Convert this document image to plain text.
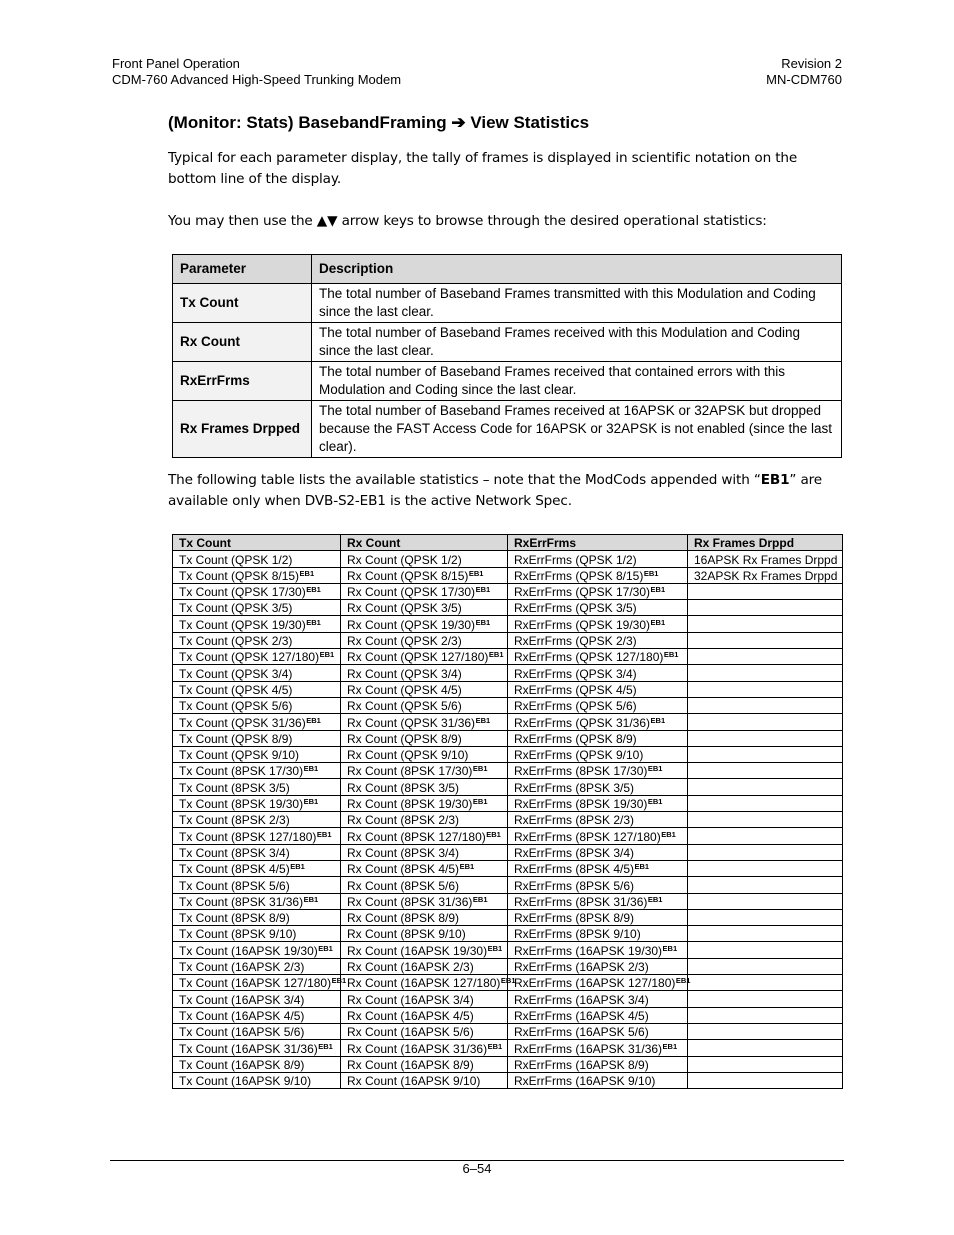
Front Panel Operation
CDM-760 Advanced High-Speed Trunking Modem
Revision 2
MN-CDM760
(Monitor: Stats) BasebandFraming ➔ View Statistics
Typical for each parameter display, the tally of frames is displayed in scientific notation on the bottom line of the display.
You may then use the ▲▼ arrow keys to browse through the desired operational statistics:
Parameter	Description
Tx Count	The total number of Baseband Frames transmitted with this Modulation and Coding since the last clear.
Rx Count	The total number of Baseband Frames received with this Modulation and Coding since the last clear.
RxErrFrms	The total number of Baseband Frames received that contained errors with this Modulation and Coding since the last clear.
Rx Frames Drpped	The total number of Baseband Frames received at 16APSK or 32APSK but dropped because the FAST Access Code for 16APSK or 32APSK is not enabled (since the last clear).
The following table lists the available statistics – note that the ModCods appended with “EB1” are available only when DVB-S2-EB1 is the active Network Spec.
Tx Count	Rx Count	RxErrFrms	Rx Frames Drppd
Tx Count (QPSK 1/2)	Rx Count (QPSK 1/2)	RxErrFrms (QPSK 1/2)	16APSK Rx Frames Drppd
Tx Count (QPSK 8/15)$^{EB1}$	Rx Count (QPSK 8/15)$^{EB1}$	RxErrFrms (QPSK 8/15)$^{EB1}$	32APSK Rx Frames Drppd
Tx Count (QPSK 17/30)$^{EB1}$	Rx Count (QPSK 17/30)$^{EB1}$	RxErrFrms (QPSK 17/30)$^{EB1}$	
Tx Count (QPSK 3/5)	Rx Count (QPSK 3/5)	RxErrFrms (QPSK 3/5)	
Tx Count (QPSK 19/30)$^{EB1}$	Rx Count (QPSK 19/30)$^{EB1}$	RxErrFrms (QPSK 19/30)$^{EB1}$	
Tx Count (QPSK 2/3)	Rx Count (QPSK 2/3)	RxErrFrms (QPSK 2/3)	
Tx Count (QPSK 127/180)$^{EB1}$	Rx Count (QPSK 127/180)$^{EB1}$	RxErrFrms (QPSK 127/180)$^{EB1}$	
Tx Count (QPSK 3/4)	Rx Count (QPSK 3/4)	RxErrFrms (QPSK 3/4)	
Tx Count (QPSK 4/5)	Rx Count (QPSK 4/5)	RxErrFrms (QPSK 4/5)	
Tx Count (QPSK 5/6)	Rx Count (QPSK 5/6)	RxErrFrms (QPSK 5/6)	
Tx Count (QPSK 31/36)$^{EB1}$	Rx Count (QPSK 31/36)$^{EB1}$	RxErrFrms (QPSK 31/36)$^{EB1}$	
Tx Count (QPSK 8/9)	Rx Count (QPSK 8/9)	RxErrFrms (QPSK 8/9)	
Tx Count (QPSK 9/10)	Rx Count (QPSK 9/10)	RxErrFrms (QPSK 9/10)	
Tx Count (8PSK 17/30)$^{EB1}$	Rx Count (8PSK 17/30)$^{EB1}$	RxErrFrms (8PSK 17/30)$^{EB1}$	
Tx Count (8PSK 3/5)	Rx Count (8PSK 3/5)	RxErrFrms (8PSK 3/5)	
Tx Count (8PSK 19/30)$^{EB1}$	Rx Count (8PSK 19/30)$^{EB1}$	RxErrFrms (8PSK 19/30)$^{EB1}$	
Tx Count (8PSK 2/3)	Rx Count (8PSK 2/3)	RxErrFrms (8PSK 2/3)	
Tx Count (8PSK 127/180)$^{EB1}$	Rx Count (8PSK 127/180)$^{EB1}$	RxErrFrms (8PSK 127/180)$^{EB1}$	
Tx Count (8PSK 3/4)	Rx Count (8PSK 3/4)	RxErrFrms (8PSK 3/4)	
Tx Count (8PSK 4/5)$^{EB1}$	Rx Count (8PSK 4/5)$^{EB1}$	RxErrFrms (8PSK 4/5)$^{EB1}$	
Tx Count (8PSK 5/6)	Rx Count (8PSK 5/6)	RxErrFrms (8PSK 5/6)	
Tx Count (8PSK 31/36)$^{EB1}$	Rx Count (8PSK 31/36)$^{EB1}$	RxErrFrms (8PSK 31/36)$^{EB1}$	
Tx Count (8PSK 8/9)	Rx Count (8PSK 8/9)	RxErrFrms (8PSK 8/9)	
Tx Count (8PSK 9/10)	Rx Count (8PSK 9/10)	RxErrFrms (8PSK 9/10)	
Tx Count (16APSK 19/30)$^{EB1}$	Rx Count (16APSK 19/30)$^{EB1}$	RxErrFrms (16APSK 19/30)$^{EB1}$	
Tx Count (16APSK 2/3)	Rx Count (16APSK 2/3)	RxErrFrms (16APSK 2/3)	
Tx Count (16APSK 127/180)$^{EB1}$	Rx Count (16APSK 127/180)$^{EB1}$	RxErrFrms (16APSK 127/180)$^{EB1}$	
Tx Count (16APSK 3/4)	Rx Count (16APSK 3/4)	RxErrFrms (16APSK 3/4)	
Tx Count (16APSK 4/5)	Rx Count (16APSK 4/5)	RxErrFrms (16APSK 4/5)	
Tx Count (16APSK 5/6)	Rx Count (16APSK 5/6)	RxErrFrms (16APSK 5/6)	
Tx Count (16APSK 31/36)$^{EB1}$	Rx Count (16APSK 31/36)$^{EB1}$	RxErrFrms (16APSK 31/36)$^{EB1}$	
Tx Count (16APSK 8/9)	Rx Count (16APSK 8/9)	RxErrFrms (16APSK 8/9)	
Tx Count (16APSK 9/10)	Rx Count (16APSK 9/10)	RxErrFrms (16APSK 9/10)	
6–54
